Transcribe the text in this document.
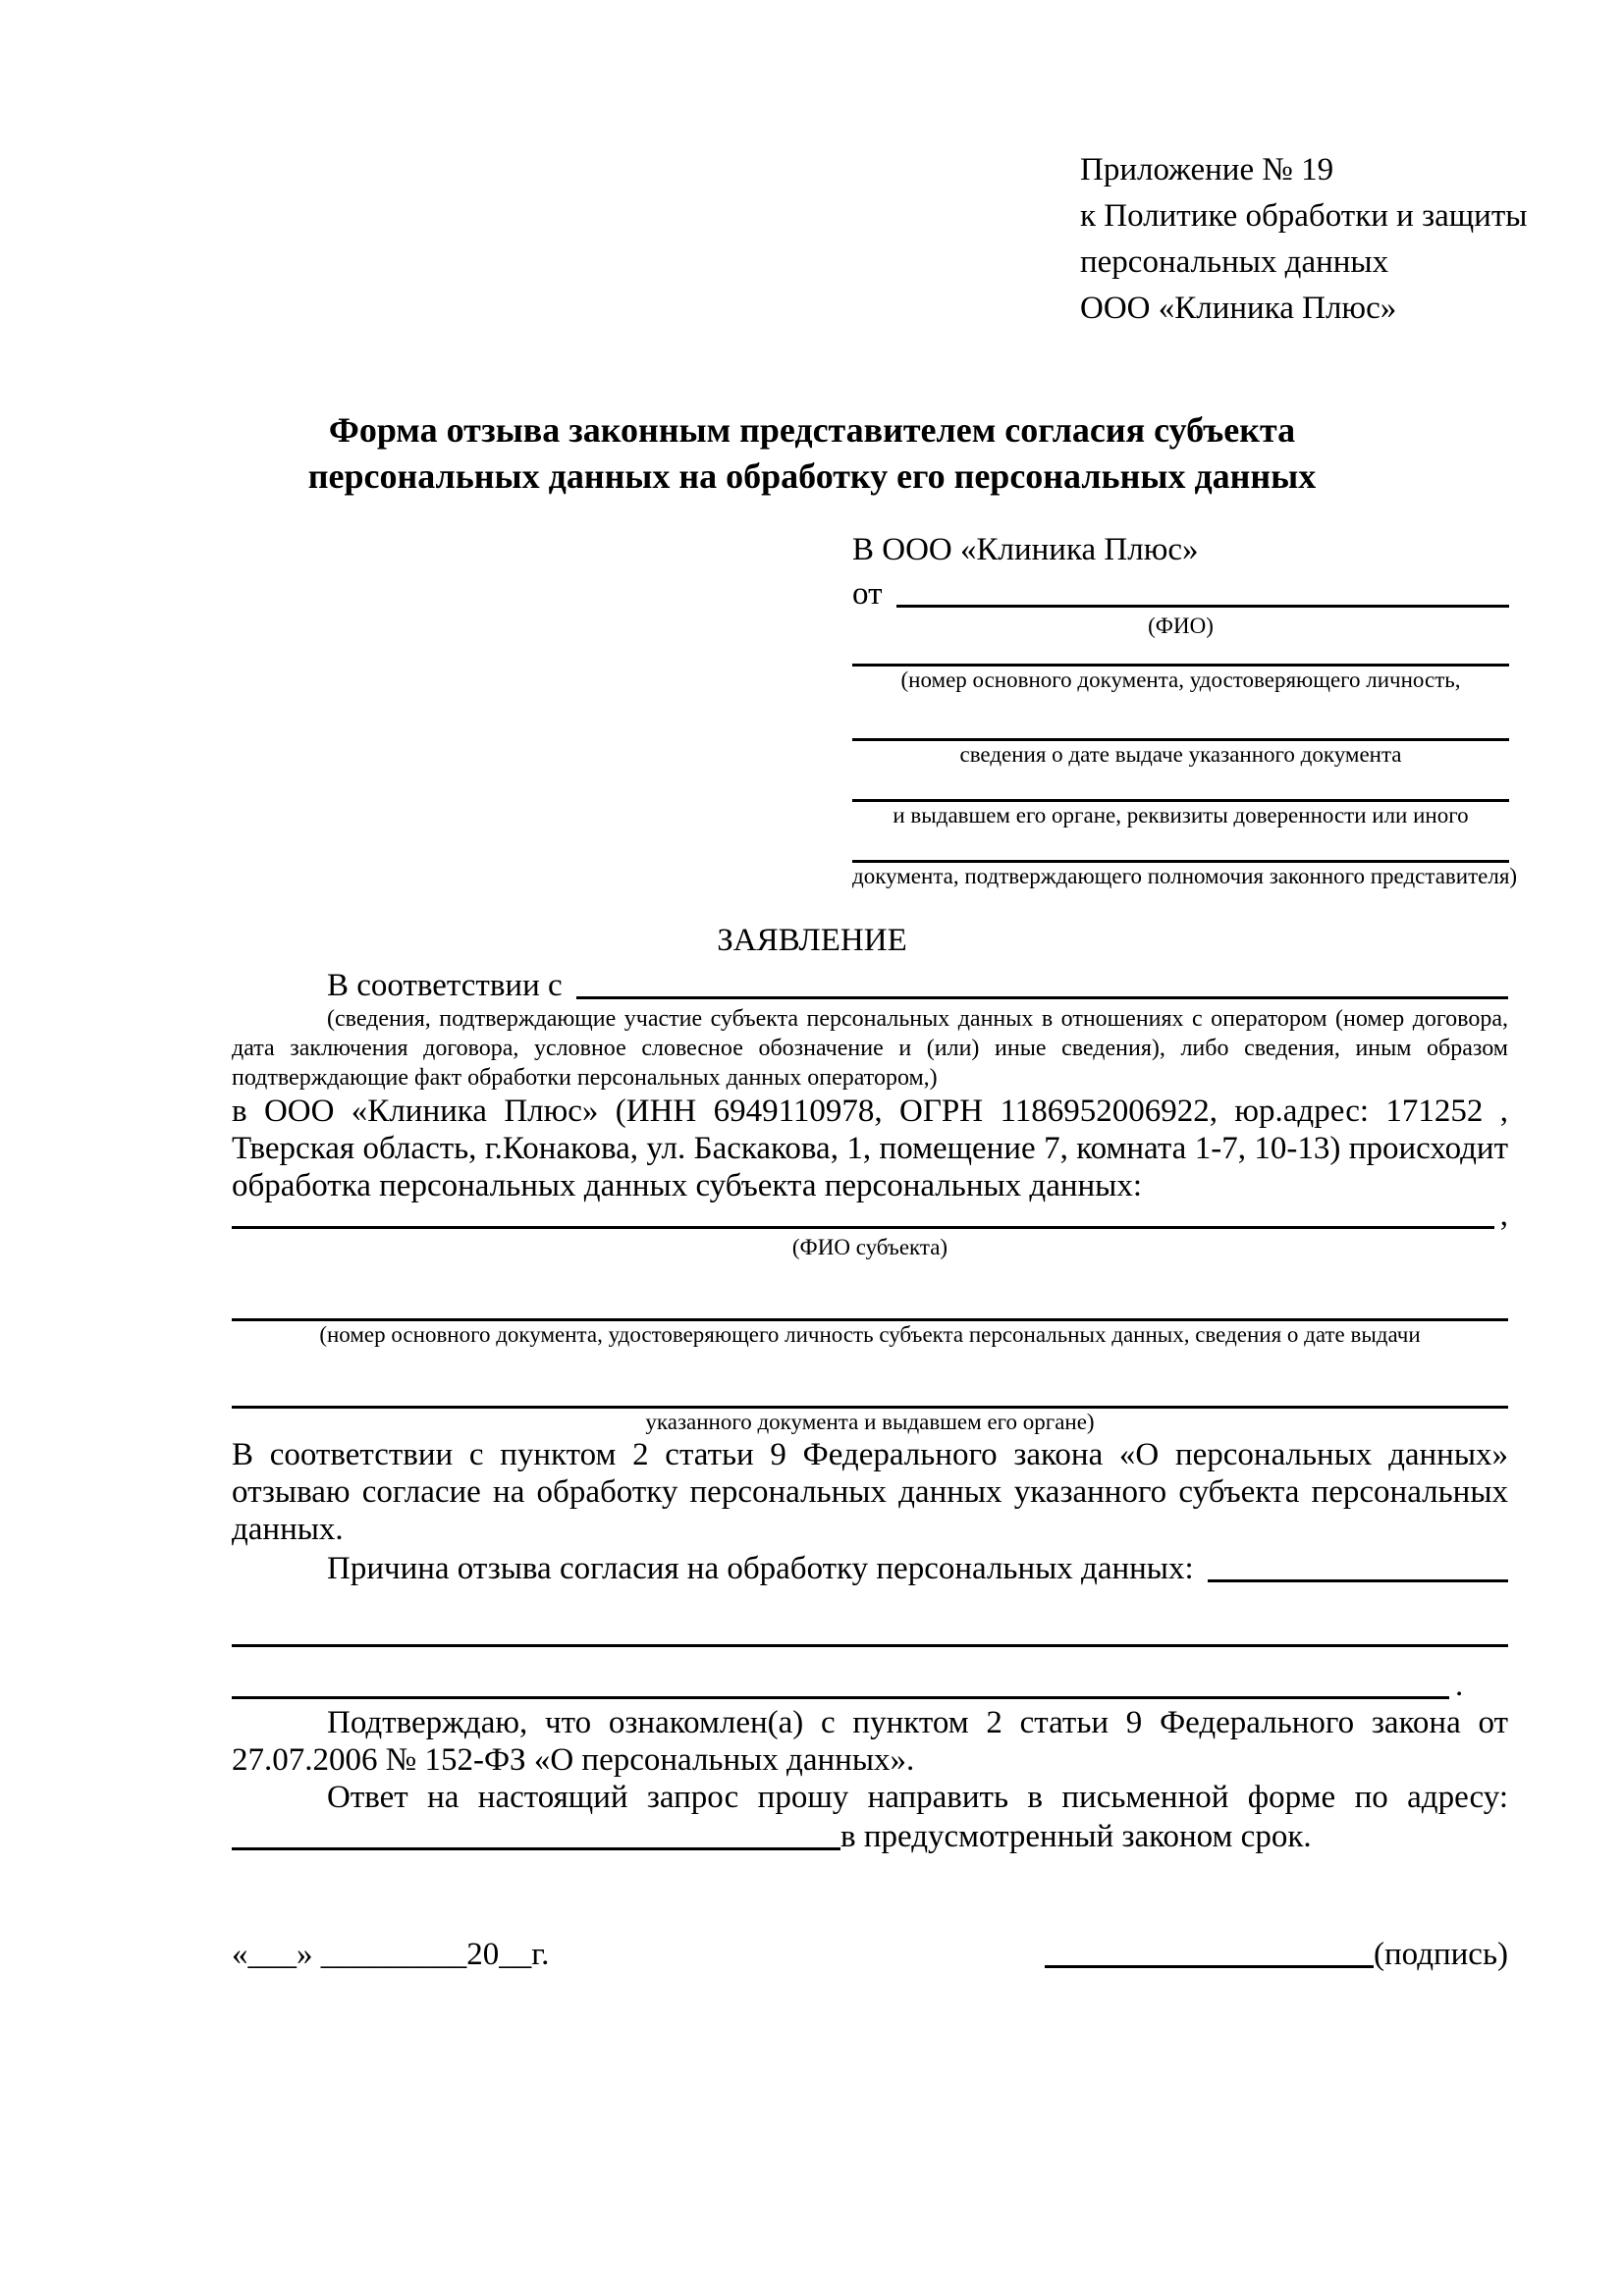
Приложение № 19
к Политике обработки и защиты
персональных данных
ООО «Клиника Плюс»
Форма отзыва законным представителем согласия субъекта
персональных данных на обработку его персональных данных
В ООО «Клиника Плюс»
от
(ФИО)
(номер основного документа, удостоверяющего личность,
сведения о дате выдаче указанного документа
и выдавшем его органе, реквизиты доверенности или иного
документа, подтверждающего полномочия законного представителя)
ЗАЯВЛЕНИЕ
В соответствии с
(сведения, подтверждающие участие субъекта персональных данных в отношениях с оператором (номер договора, дата заключения договора, условное словесное обозначение и (или) иные сведения), либо сведения, иным образом подтверждающие факт обработки персональных данных оператором,)

в ООО «Клиника Плюс» (ИНН 6949110978, ОГРН 1186952006922, юр.адрес: 171252 , Тверская область, г.Конакова, ул. Баскакова, 1, помещение 7, комната 1-7, 10-13) происходит обработка персональных данных субъекта персональных данных:

,
(ФИО субъекта)
(номер основного документа, удостоверяющего личность субъекта персональных данных, сведения о дате выдачи
указанного документа и выдавшем его органе)

В соответствии с пунктом 2 статьи 9 Федерального закона «О персональных данных» отзываю согласие на обработку персональных данных указанного субъекта персональных данных.

Причина отзыва согласия на обработку персональных данных:
.

Подтверждаю, что ознакомлен(а) с пунктом 2 статьи 9 Федерального закона от 27.07.2006 № 152-ФЗ «О персональных данных».

Ответ на настоящий запрос прошу направить в письменной форме по адресу:
в предусмотренный законом срок.
«___» _________20__г.	(подпись)
